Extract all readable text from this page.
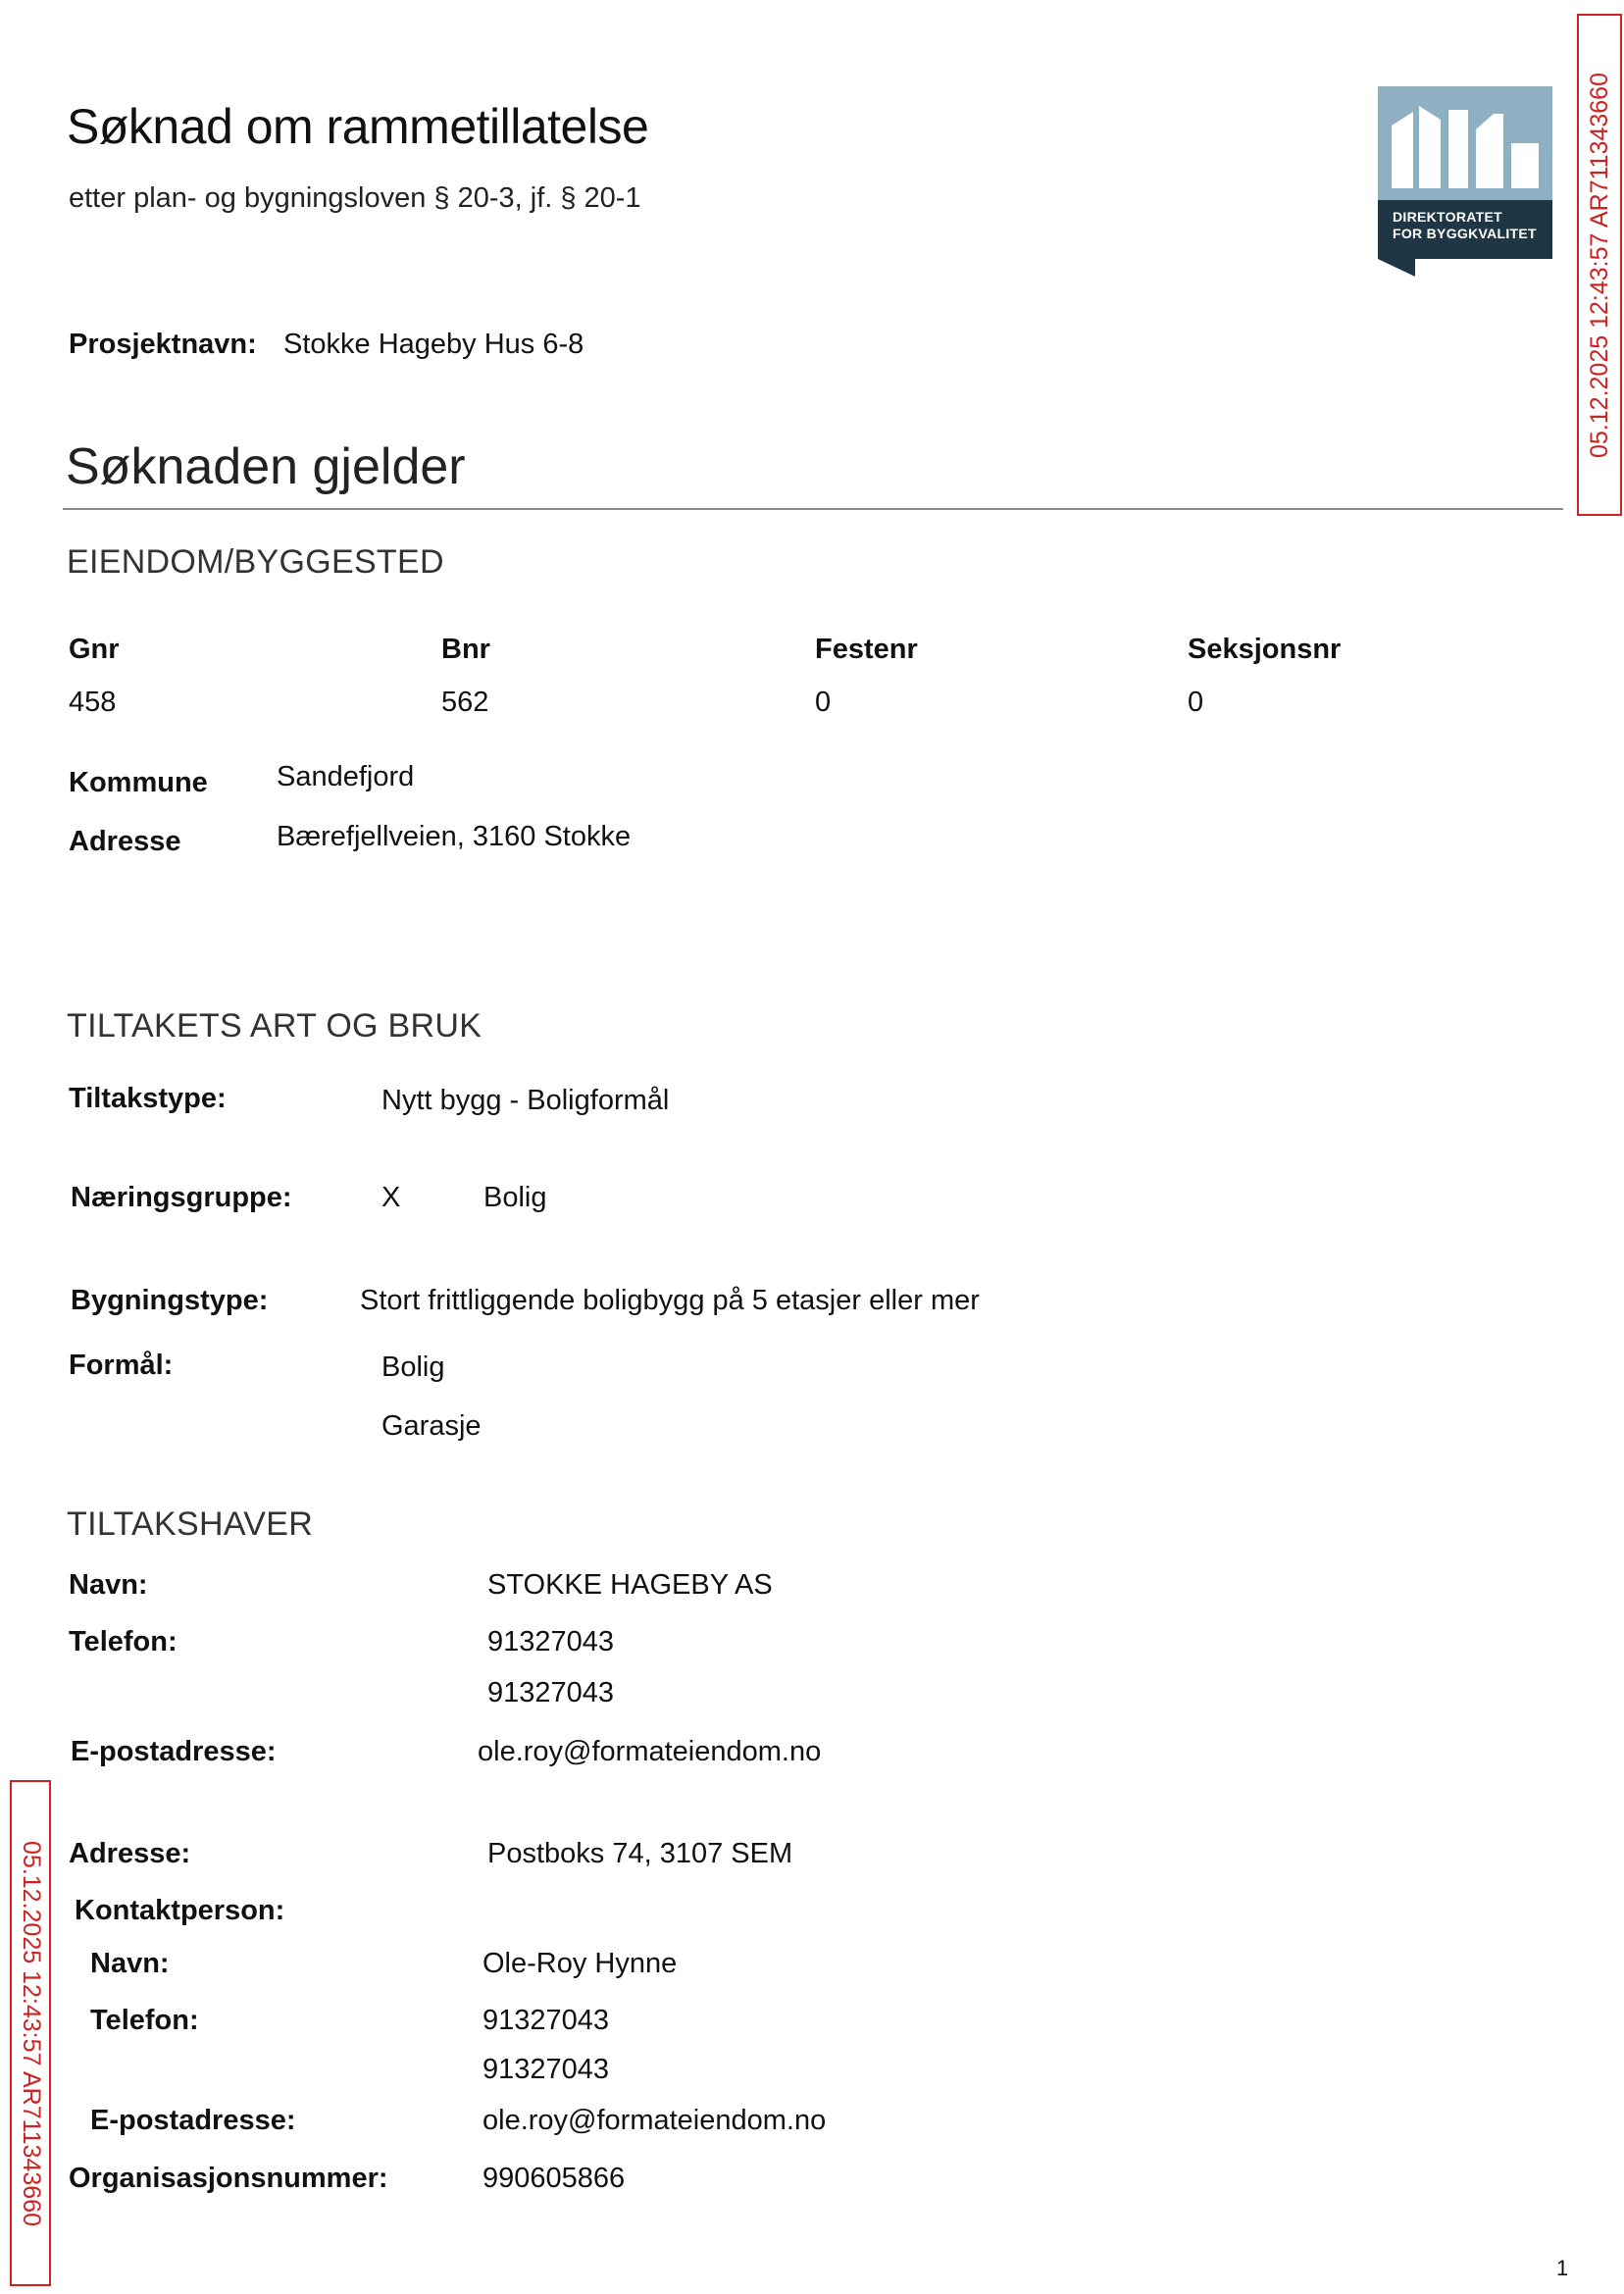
Søknad om rammetillatelse
etter plan- og bygningsloven § 20-3, jf. § 20-1
Prosjektnavn: Stokke Hageby Hus 6-8
DIREKTORATET
FOR BYGGKVALITET 05.12.2025 12:43:57 AR711343660
05.12.2025 12:43:57 AR711343660
Søknaden gjelder
EIENDOM/BYGGESTED
Gnr	Bnr	Festenr	Seksjonsnr
458	562	0	0
Kommune Sandefjord
Adresse	Bærefjellveien, 3160 Stokke
TILTAKETS ART OG BRUK
Tiltakstype:	Nytt bygg - Boligformål
Næringsgruppe:	X	Bolig
Bygningstype:	Stort frittliggende boligbygg på 5 etasjer eller mer
Formål:	Bolig
Garasje
TILTAKSHAVER
Navn:	STOKKE HAGEBY AS
Telefon:	91327043
91327043
E-postadresse:	ole.roy@formateiendom.no
Adresse:	Postboks 74, 3107 SEM
Kontaktperson:
Navn:	Ole-Roy Hynne
Telefon:	91327043
91327043
E-postadresse:	ole.roy@formateiendom.no
Organisasjonsnummer:	990605866
1
